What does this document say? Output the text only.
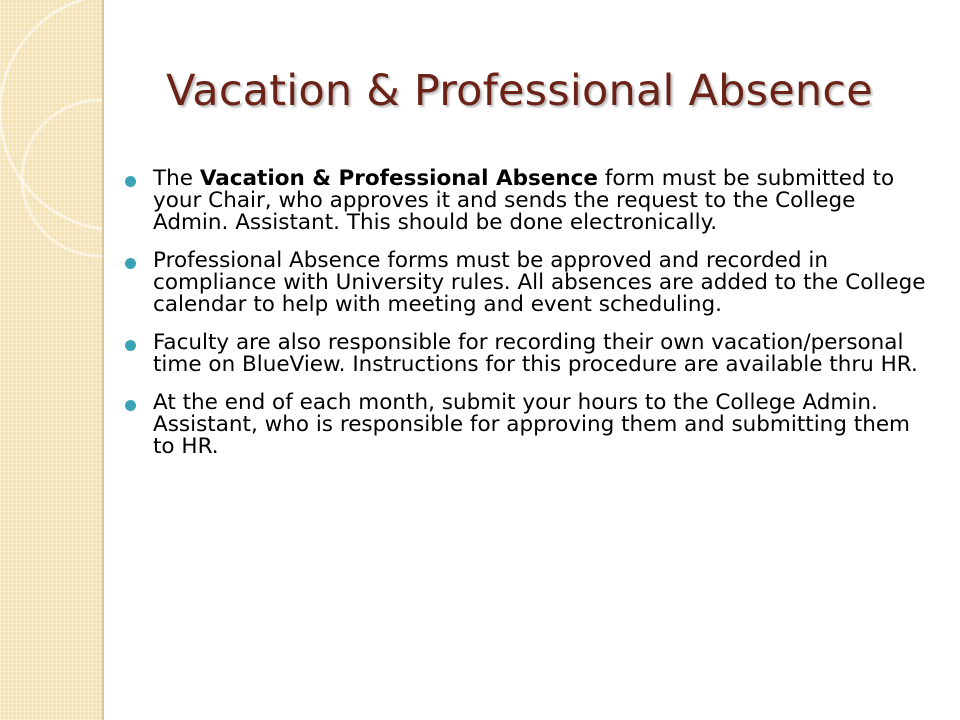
Vacation & Professional Absence
The Vacation & Professional Absence form must be submitted to your Chair, who approves it and sends the request to the College Admin. Assistant. This should be done electronically.
Professional Absence forms must be approved and recorded in compliance with University rules. All absences are added to the College calendar to help with meeting and event scheduling.
Faculty are also responsible for recording their own vacation/personal time on BlueView. Instructions for this procedure are available thru HR.
At the end of each month, submit your hours to the College Admin. Assistant, who is responsible for approving them and submitting them to HR.
